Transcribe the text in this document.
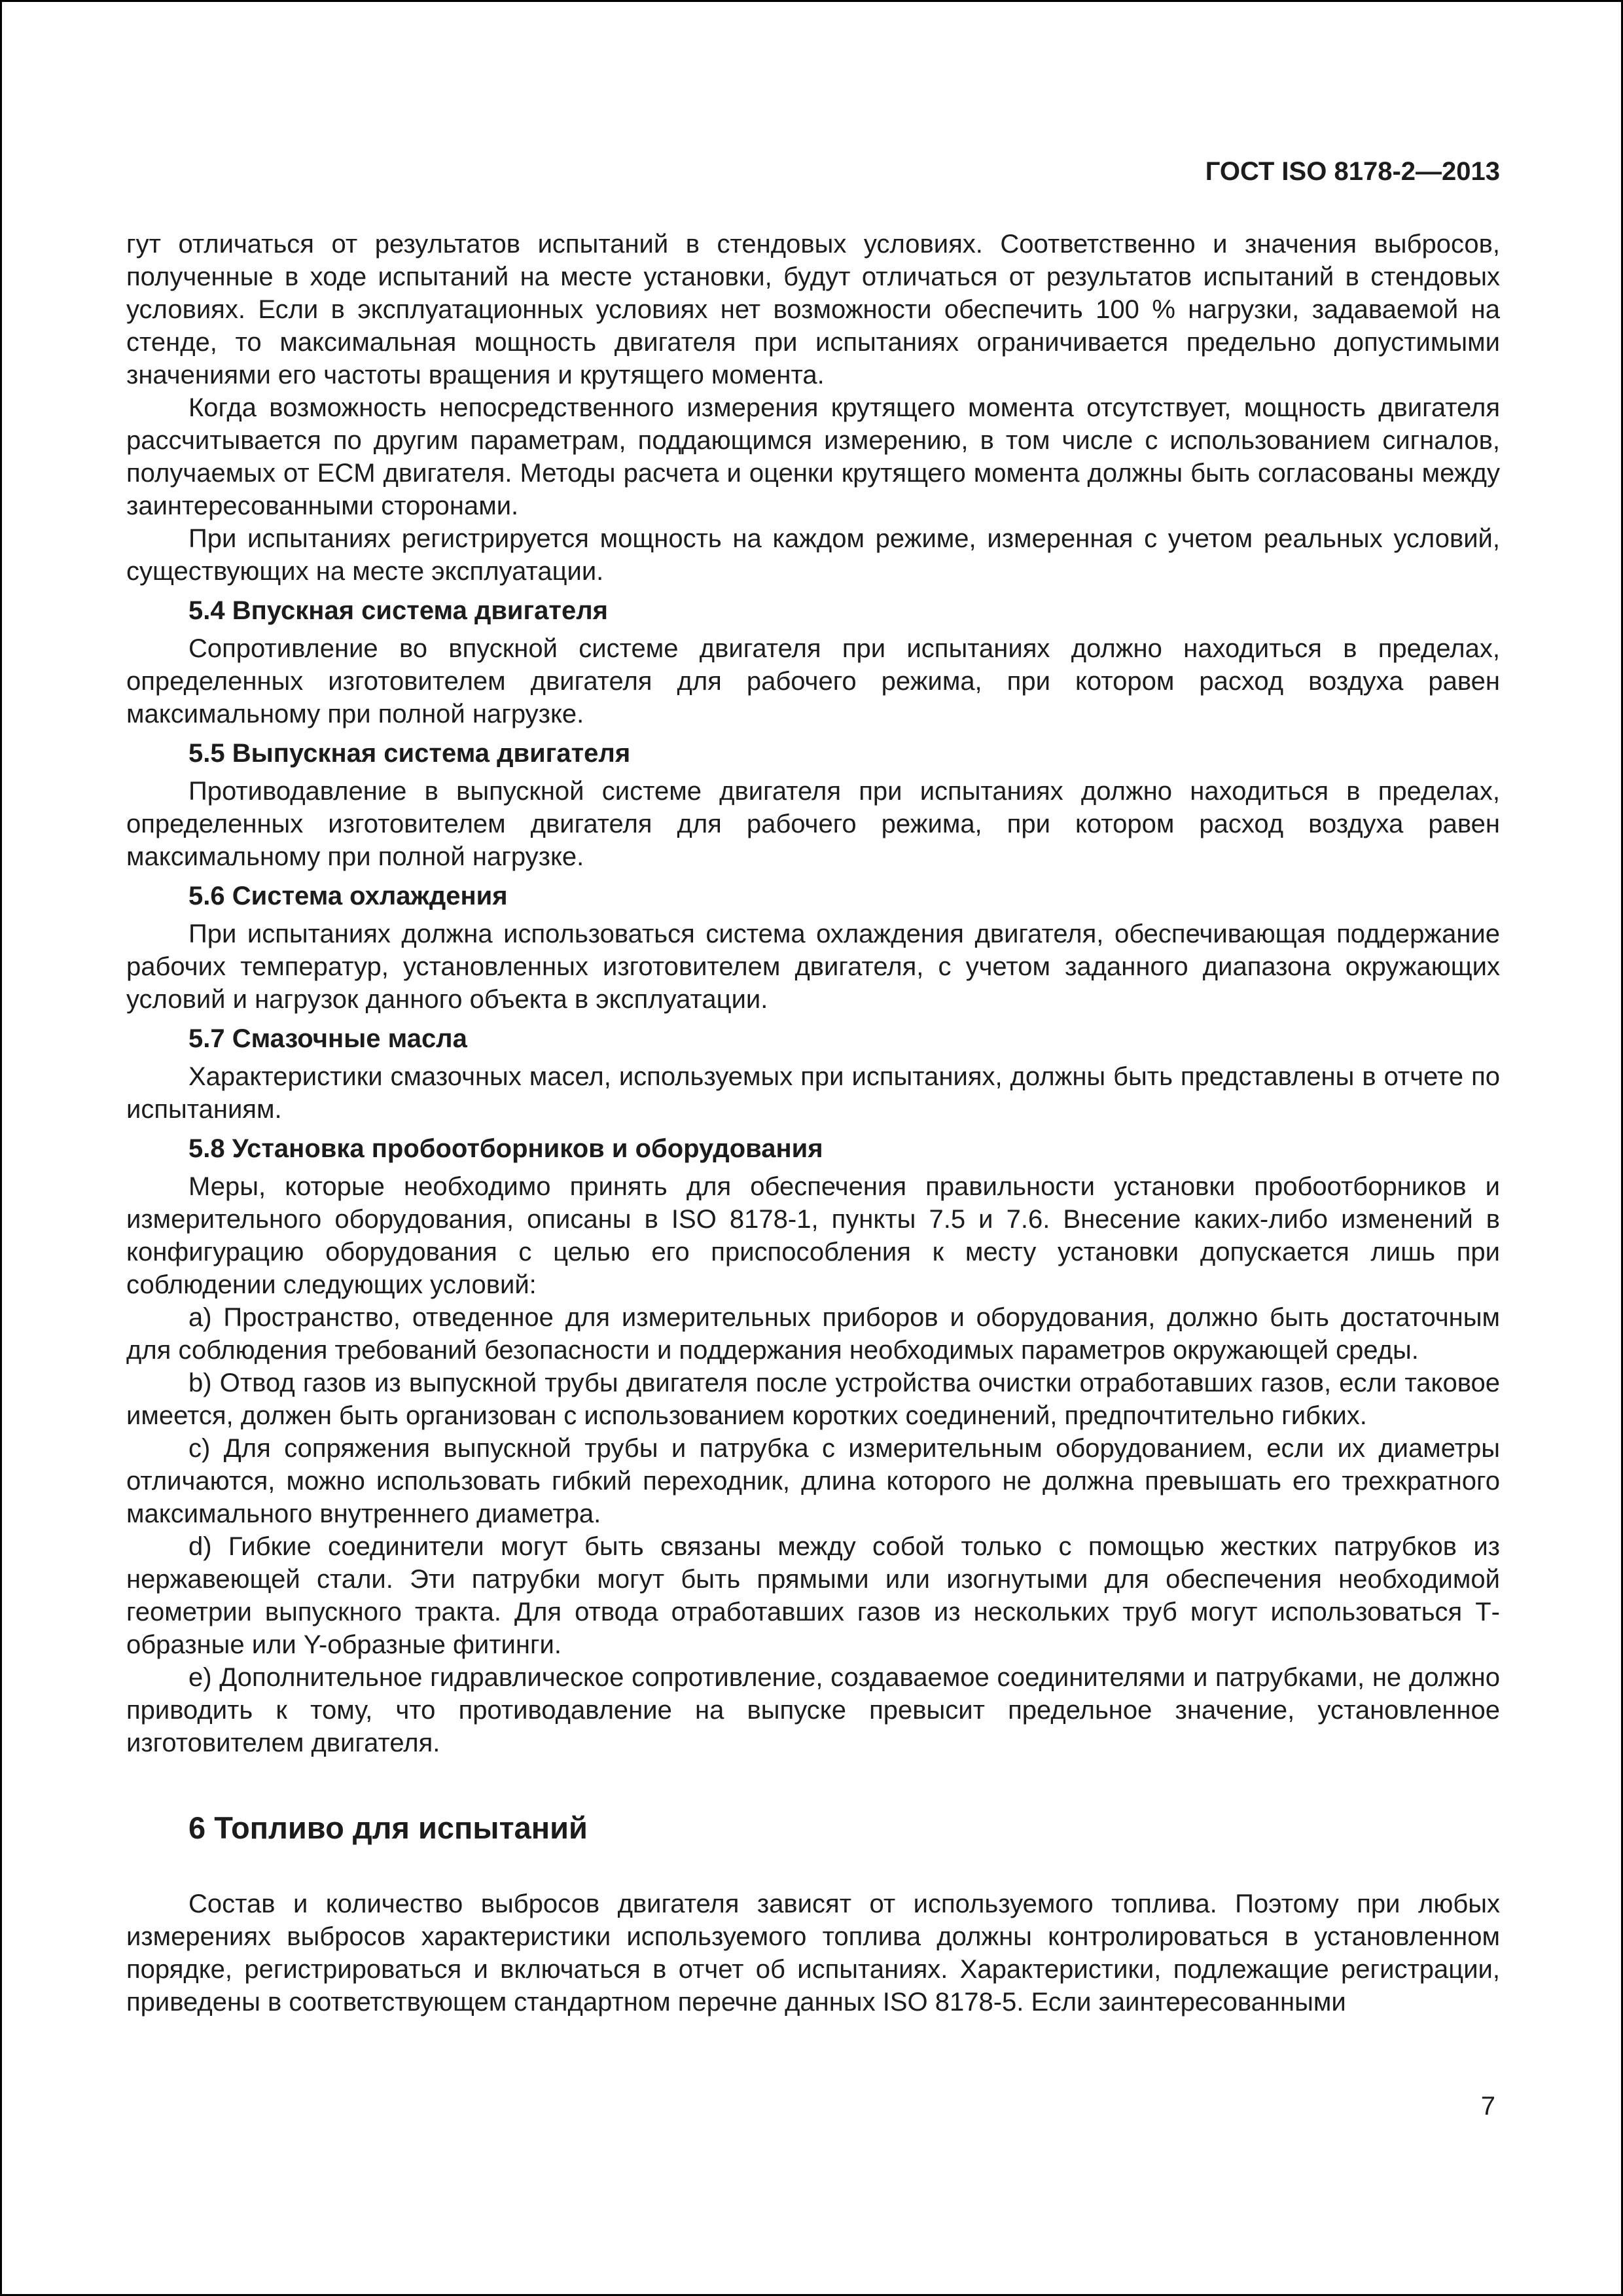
ГОСТ ISO 8178-2—2013

гут отличаться от результатов испытаний в стендовых условиях. Соответственно и значения выбросов, полученные в ходе испытаний на месте установки, будут отличаться от результатов испытаний в стендовых условиях. Если в эксплуатационных условиях нет возможности обеспечить 100 % нагрузки, задаваемой на стенде, то максимальная мощность двигателя при испытаниях ограничивается предельно допустимыми значениями его частоты вращения и крутящего момента.

Когда возможность непосредственного измерения крутящего момента отсутствует, мощность двигателя рассчитывается по другим параметрам, поддающимся измерению, в том числе с использованием сигналов, получаемых от ECM двигателя. Методы расчета и оценки крутящего момента должны быть согласованы между заинтересованными сторонами.

При испытаниях регистрируется мощность на каждом режиме, измеренная с учетом реальных условий, существующих на месте эксплуатации.

5.4 Впускная система двигателя

Сопротивление во впускной системе двигателя при испытаниях должно находиться в пределах, определенных изготовителем двигателя для рабочего режима, при котором расход воздуха равен максимальному при полной нагрузке.

5.5 Выпускная система двигателя

Противодавление в выпускной системе двигателя при испытаниях должно находиться в пределах, определенных изготовителем двигателя для рабочего режима, при котором расход воздуха равен максимальному при полной нагрузке.

5.6 Система охлаждения

При испытаниях должна использоваться система охлаждения двигателя, обеспечивающая поддержание рабочих температур, установленных изготовителем двигателя, с учетом заданного диапазона окружающих условий и нагрузок данного объекта в эксплуатации.

5.7 Смазочные масла

Характеристики смазочных масел, используемых при испытаниях, должны быть представлены в отчете по испытаниям.

5.8 Установка пробоотборников и оборудования

Меры, которые необходимо принять для обеспечения правильности установки пробоотборников и измерительного оборудования, описаны в ISO 8178-1, пункты 7.5 и 7.6. Внесение каких-либо изменений в конфигурацию оборудования с целью его приспособления к месту установки допускается лишь при соблюдении следующих условий:

a) Пространство, отведенное для измерительных приборов и оборудования, должно быть достаточным для соблюдения требований безопасности и поддержания необходимых параметров окружающей среды.

b) Отвод газов из выпускной трубы двигателя после устройства очистки отработавших газов, если таковое имеется, должен быть организован с использованием коротких соединений, предпочтительно гибких.

c) Для сопряжения выпускной трубы и патрубка с измерительным оборудованием, если их диаметры отличаются, можно использовать гибкий переходник, длина которого не должна превышать его трехкратного максимального внутреннего диаметра.

d) Гибкие соединители могут быть связаны между собой только с помощью жестких патрубков из нержавеющей стали. Эти патрубки могут быть прямыми или изогнутыми для обеспечения необходимой геометрии выпускного тракта. Для отвода отработавших газов из нескольких труб могут использоваться Т-образные или Y-образные фитинги.

e) Дополнительное гидравлическое сопротивление, создаваемое соединителями и патрубками, не должно приводить к тому, что противодавление на выпуске превысит предельное значение, установленное изготовителем двигателя.

6 Топливо для испытаний

Состав и количество выбросов двигателя зависят от используемого топлива. Поэтому при любых измерениях выбросов характеристики используемого топлива должны контролироваться в установленном порядке, регистрироваться и включаться в отчет об испытаниях. Характеристики, подлежащие регистрации, приведены в соответствующем стандартном перечне данных ISO 8178-5. Если заинтересованными

7
